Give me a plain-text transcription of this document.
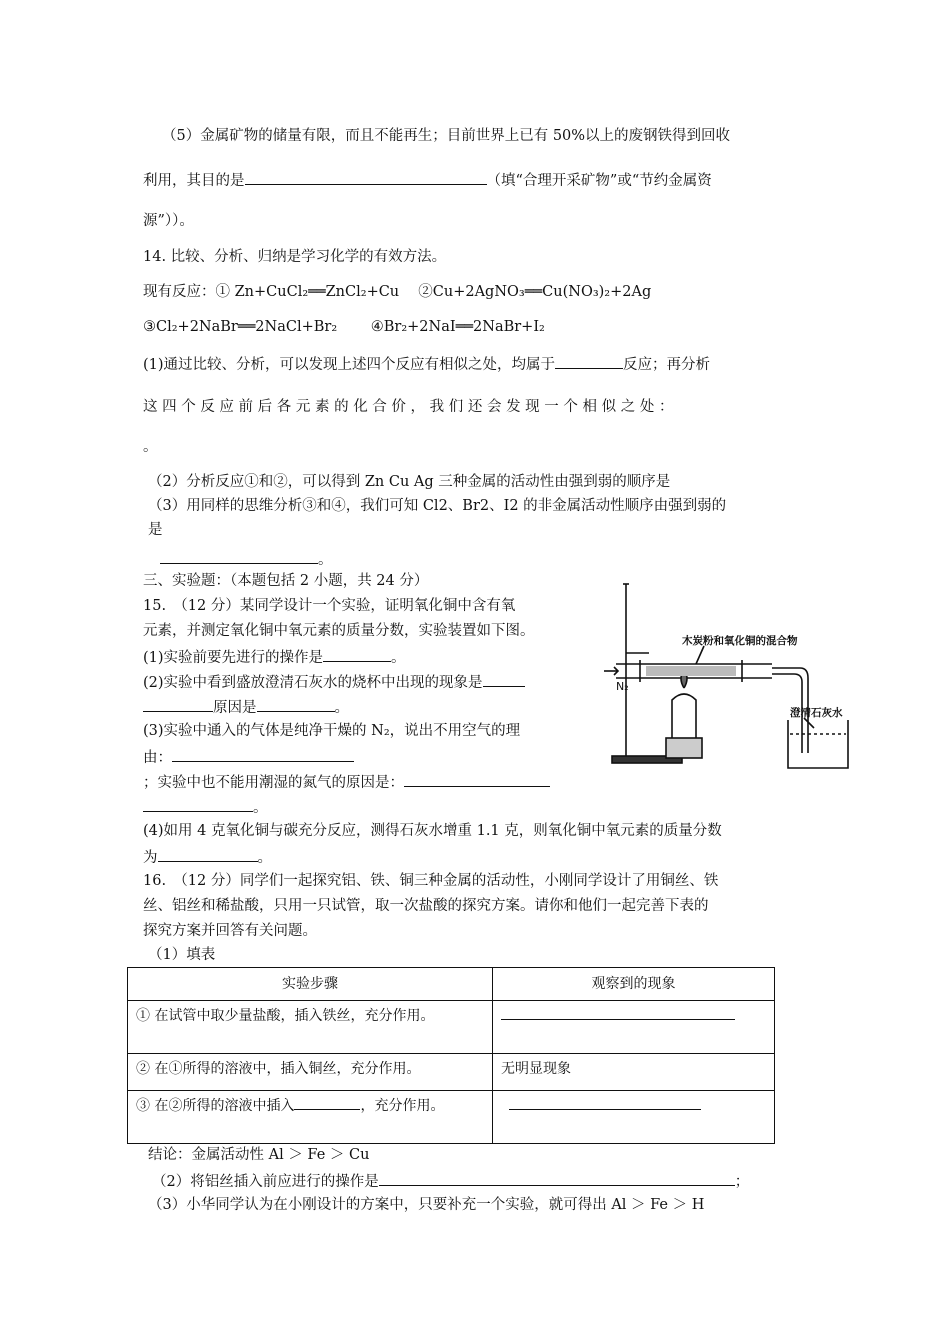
（5）金属矿物的储量有限，而且不能再生；目前世界上已有 50%以上的废钢铁得到回收
利用，其目的是	（填“合理开采矿物”或“节约金属资
源”））。
14. 比较、分析、归纳是学习化学的有效方法。
现有反应：① Zn+CuCl₂══ZnCl₂+Cu　 ②Cu+2AgNO₃══Cu(NO₃)₂+2Ag
③Cl₂+2NaBr══2NaCl+Br₂　　 ④Br₂+2NaI══2NaBr+I₂
(1)通过比较、分析，可以发现上述四个反应有相似之处，均属于	反应；再分析
这 四 个 反 应 前 后 各 元 素 的 化 合 价 ， 我 们 还 会 发 现 一 个 相 似 之 处 ：
。
（2）分析反应①和②，可以得到 Zn Cu Ag 三种金属的活动性由强到弱的顺序是
（3）用同样的思维分析③和④，我们可知 Cl2、Br2、I2 的非金属活动性顺序由强到弱的
是
。
三、实验题：（本题包括 2 小题，共 24 分）
15.　（12 分）某同学设计一个实验，证明氧化铜中含有氧
元素，并测定氧化铜中氧元素的质量分数，实验装置如下图。
(1)实验前要先进行的操作是	。
(2)实验中看到盛放澄清石灰水的烧杯中出现的现象是
原因是	。
(3)实验中通入的气体是纯净干燥的 N₂，说出不用空气的理
由：
；实验中也不能用潮湿的氮气的原因是：
。
(4)如用 4 克氧化铜与碳充分反应，测得石灰水增重 1.1 克，则氧化铜中氧元素的质量分数
为	。
木炭粉和氧化铜的混合物
N₂
澄清石灰水
16.　（12 分）同学们一起探究铝、铁、铜三种金属的活动性，小刚同学设计了用铜丝、铁
丝、铝丝和稀盐酸，只用一只试管，取一次盐酸的探究方案。请你和他们一起完善下表的
探究方案并回答有关问题。
（1）填表
实验步骤	观察到的现象
① 在试管中取少量盐酸，插入铁丝，充分作用。	
② 在①所得的溶液中，插入铜丝，充分作用。	无明显现象
③ 在②所得的溶液中插入 ，充分作用。	
结论：金属活动性 Al ＞ Fe ＞ Cu
（2）将铝丝插入前应进行的操作是	；
（3）小华同学认为在小刚设计的方案中，只要补充一个实验，就可得出 Al ＞ Fe ＞ H
